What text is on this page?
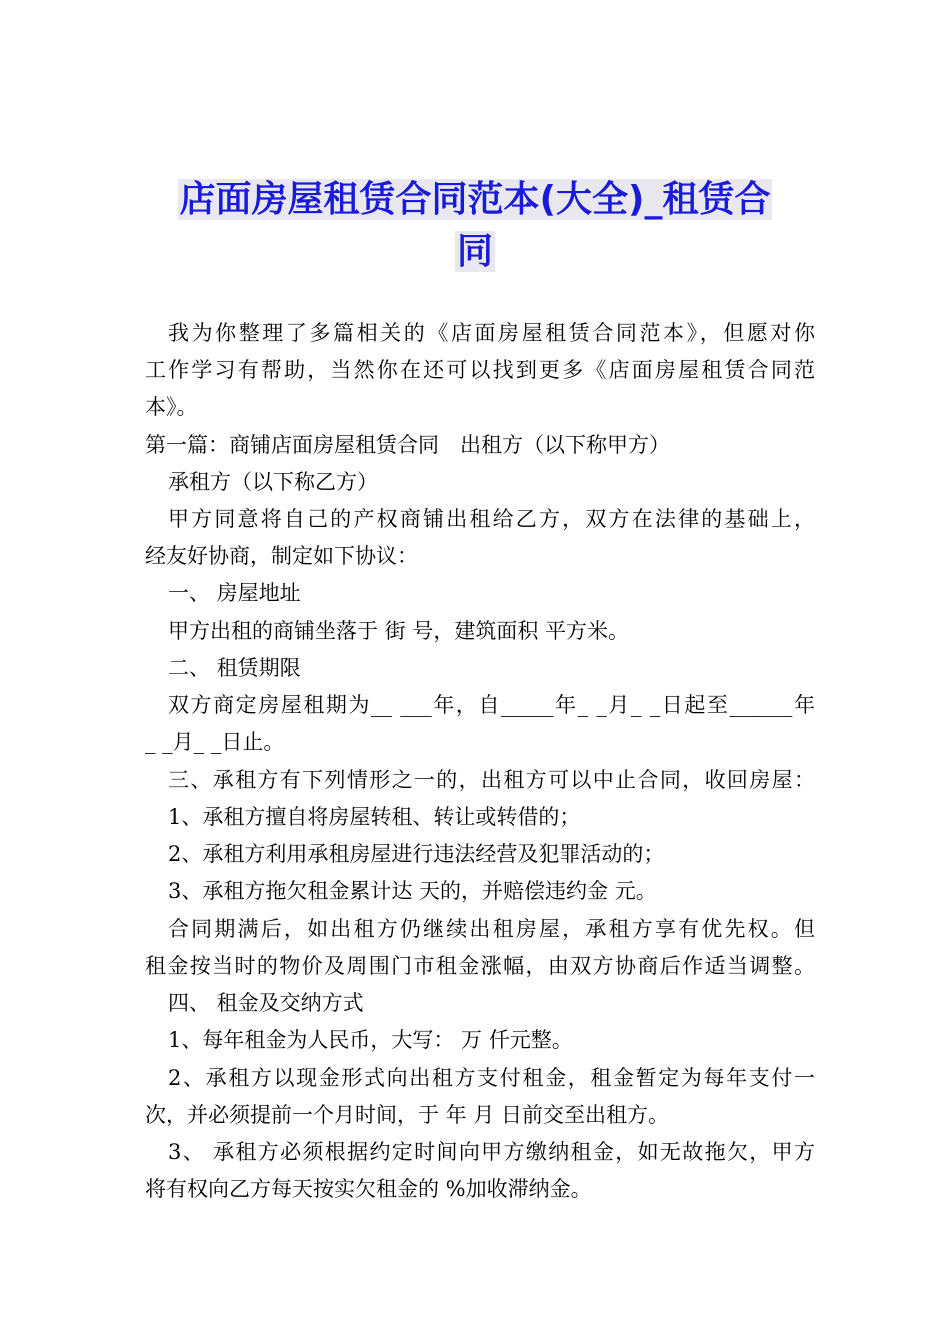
店面房屋租赁合同范本(大全)_租赁合
同
我为你整理了多篇相关的《店面房屋租赁合同范本》，但愿对你
工作学习有帮助，当然你在还可以找到更多《店面房屋租赁合同范
本》。
第一篇：商铺店面房屋租赁合同　出租方（以下称甲方）
承租方（以下称乙方）
甲方同意将自己的产权商铺出租给乙方，双方在法律的基础上，
经友好协商，制定如下协议：
一、 房屋地址
甲方出租的商铺坐落于 街 号，建筑面积 平方米。
二、 租赁期限
双方商定房屋租期为__ ___年，自_____年_ _月_ _日起至______年
_ _月_ _日止。
三、承租方有下列情形之一的，出租方可以中止合同，收回房屋：
1、承租方擅自将房屋转租、转让或转借的；
2、承租方利用承租房屋进行违法经营及犯罪活动的；
3、承租方拖欠租金累计达 天的，并赔偿违约金 元。
合同期满后，如出租方仍继续出租房屋，承租方享有优先权。但
租金按当时的物价及周围门市租金涨幅，由双方协商后作适当调整。
四、 租金及交纳方式
1、每年租金为人民币，大写： 万 仟元整。
2、承租方以现金形式向出租方支付租金，租金暂定为每年支付一
次，并必须提前一个月时间，于 年 月 日前交至出租方。
3、 承租方必须根据约定时间向甲方缴纳租金，如无故拖欠，甲方
将有权向乙方每天按实欠租金的 %加收滞纳金。
